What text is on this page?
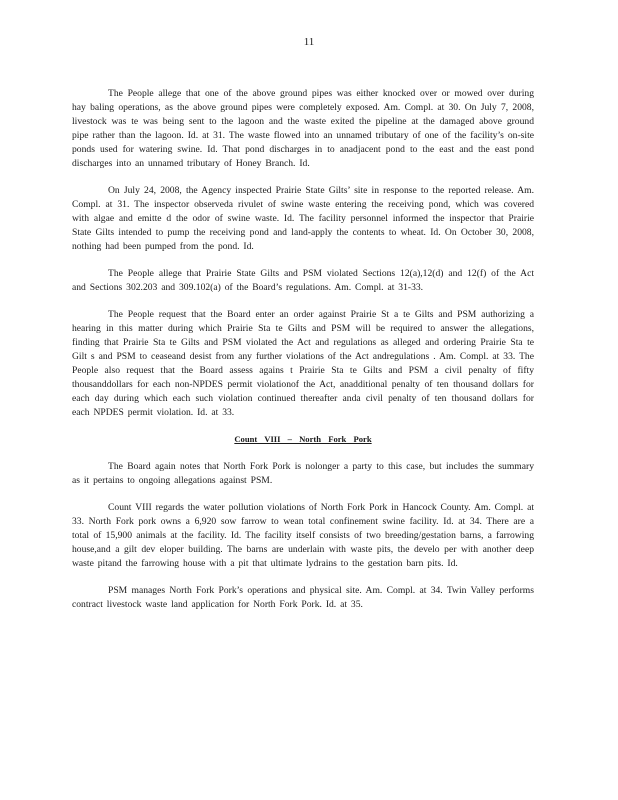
11

The People allege that one of the above ground pipes was either knocked over or mowed over during hay baling operations, as the above ground pipes were completely exposed. Am. Compl. at 30. On July 7, 2008, livestock was te was being sent to the lagoon and the waste exited the pipeline at the damaged above ground pipe rather than the lagoon. Id. at 31. The waste flowed into an unnamed tributary of one of the facility’s on-site ponds used for watering swine. Id. That pond discharges in to anadjacent pond to the east and the east pond discharges into an unnamed tributary of Honey Branch. Id.

On July 24, 2008, the Agency inspected Prairie State Gilts’ site in response to the reported release. Am. Compl. at 31. The inspector observeda rivulet of swine waste entering the receiving pond, which was covered with algae and emitte d the odor of swine waste. Id. The facility personnel informed the inspector that Prairie State Gilts intended to pump the receiving pond and land-apply the contents to wheat. Id. On October 30, 2008, nothing had been pumped from the pond. Id.

The People allege that Prairie State Gilts and PSM violated Sections 12(a),12(d) and 12(f) of the Act and Sections 302.203 and 309.102(a) of the Board’s regulations. Am. Compl. at 31-33.

The People request that the Board enter an order against Prairie St a te Gilts and PSM authorizing a hearing in this matter during which Prairie Sta te Gilts and PSM will be required to answer the allegations, finding that Prairie Sta te Gilts and PSM violated the Act and regulations as alleged and ordering Prairie Sta te Gilt s and PSM to ceaseand desist from any further violations of the Act andregulations . Am. Compl. at 33. The People also request that the Board assess agains t Prairie Sta te Gilts and PSM a civil penalty of fifty thousanddollars for each non-NPDES permit violationof the Act, anadditional penalty of ten thousand dollars for each day during which each such violation continued thereafter anda civil penalty of ten thousand dollars for each NPDES permit violation. Id. at 33.

Count VIII – North Fork Pork

The Board again notes that North Fork Pork is nolonger a party to this case, but includes the summary as it pertains to ongoing allegations against PSM.

Count VIII regards the water pollution violations of North Fork Pork in Hancock County. Am. Compl. at 33. North Fork pork owns a 6,920 sow farrow to wean total confinement swine facility. Id. at 34. There are a total of 15,900 animals at the facility. Id. The facility itself consists of two breeding/gestation barns, a farrowing house,and a gilt dev eloper building. The barns are underlain with waste pits, the develo per with another deep waste pitand the farrowing house with a pit that ultimate lydrains to the gestation barn pits. Id.

PSM manages North Fork Pork’s operations and physical site. Am. Compl. at 34. Twin Valley performs contract livestock waste land application for North Fork Pork. Id. at 35.
